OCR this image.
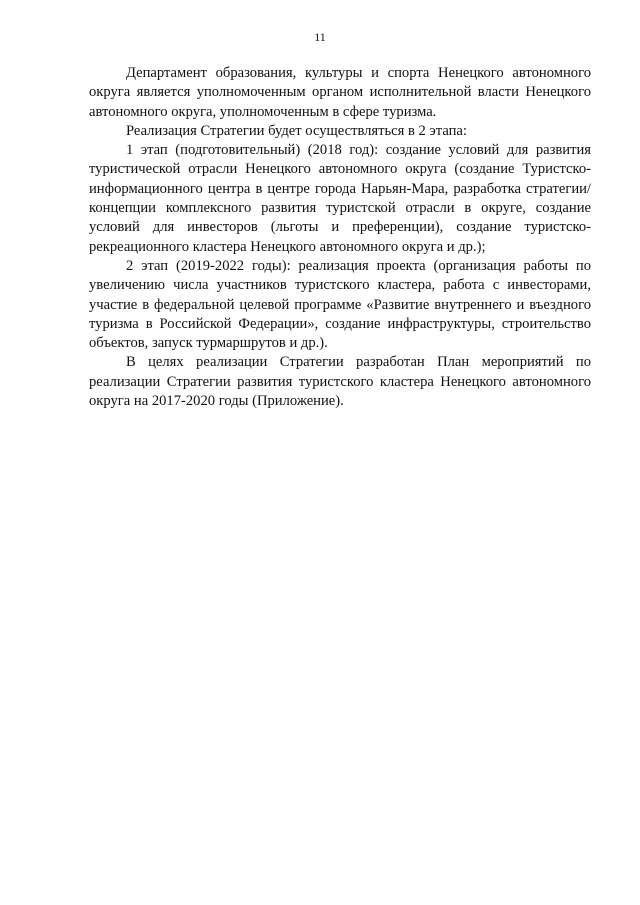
11

Департамент образования, культуры и спорта Ненецкого автономного округа является уполномоченным органом исполнительной власти Ненецкого автономного округа, уполномоченным в сфере туризма.

Реализация Стратегии будет осуществляться в 2 этапа:

1 этап (подготовительный) (2018 год): создание условий для развития туристической отрасли Ненецкого автономного округа (создание Туристско-информационного центра в центре города Нарьян-Мара, разработка стратегии/концепции комплексного развития туристской отрасли в округе, создание условий для инвесторов (льготы и преференции), создание туристско-рекреационного кластера Ненецкого автономного округа и др.);

2 этап (2019-2022 годы): реализация проекта (организация работы по увеличению числа участников туристского кластера, работа с инвесторами, участие в федеральной целевой программе «Развитие внутреннего и въездного туризма в Российской Федерации», создание инфраструктуры, строительство объектов, запуск турмаршрутов и др.).

В целях реализации Стратегии разработан План мероприятий по реализации Стратегии развития туристского кластера Ненецкого автономного округа на 2017-2020 годы (Приложение).
